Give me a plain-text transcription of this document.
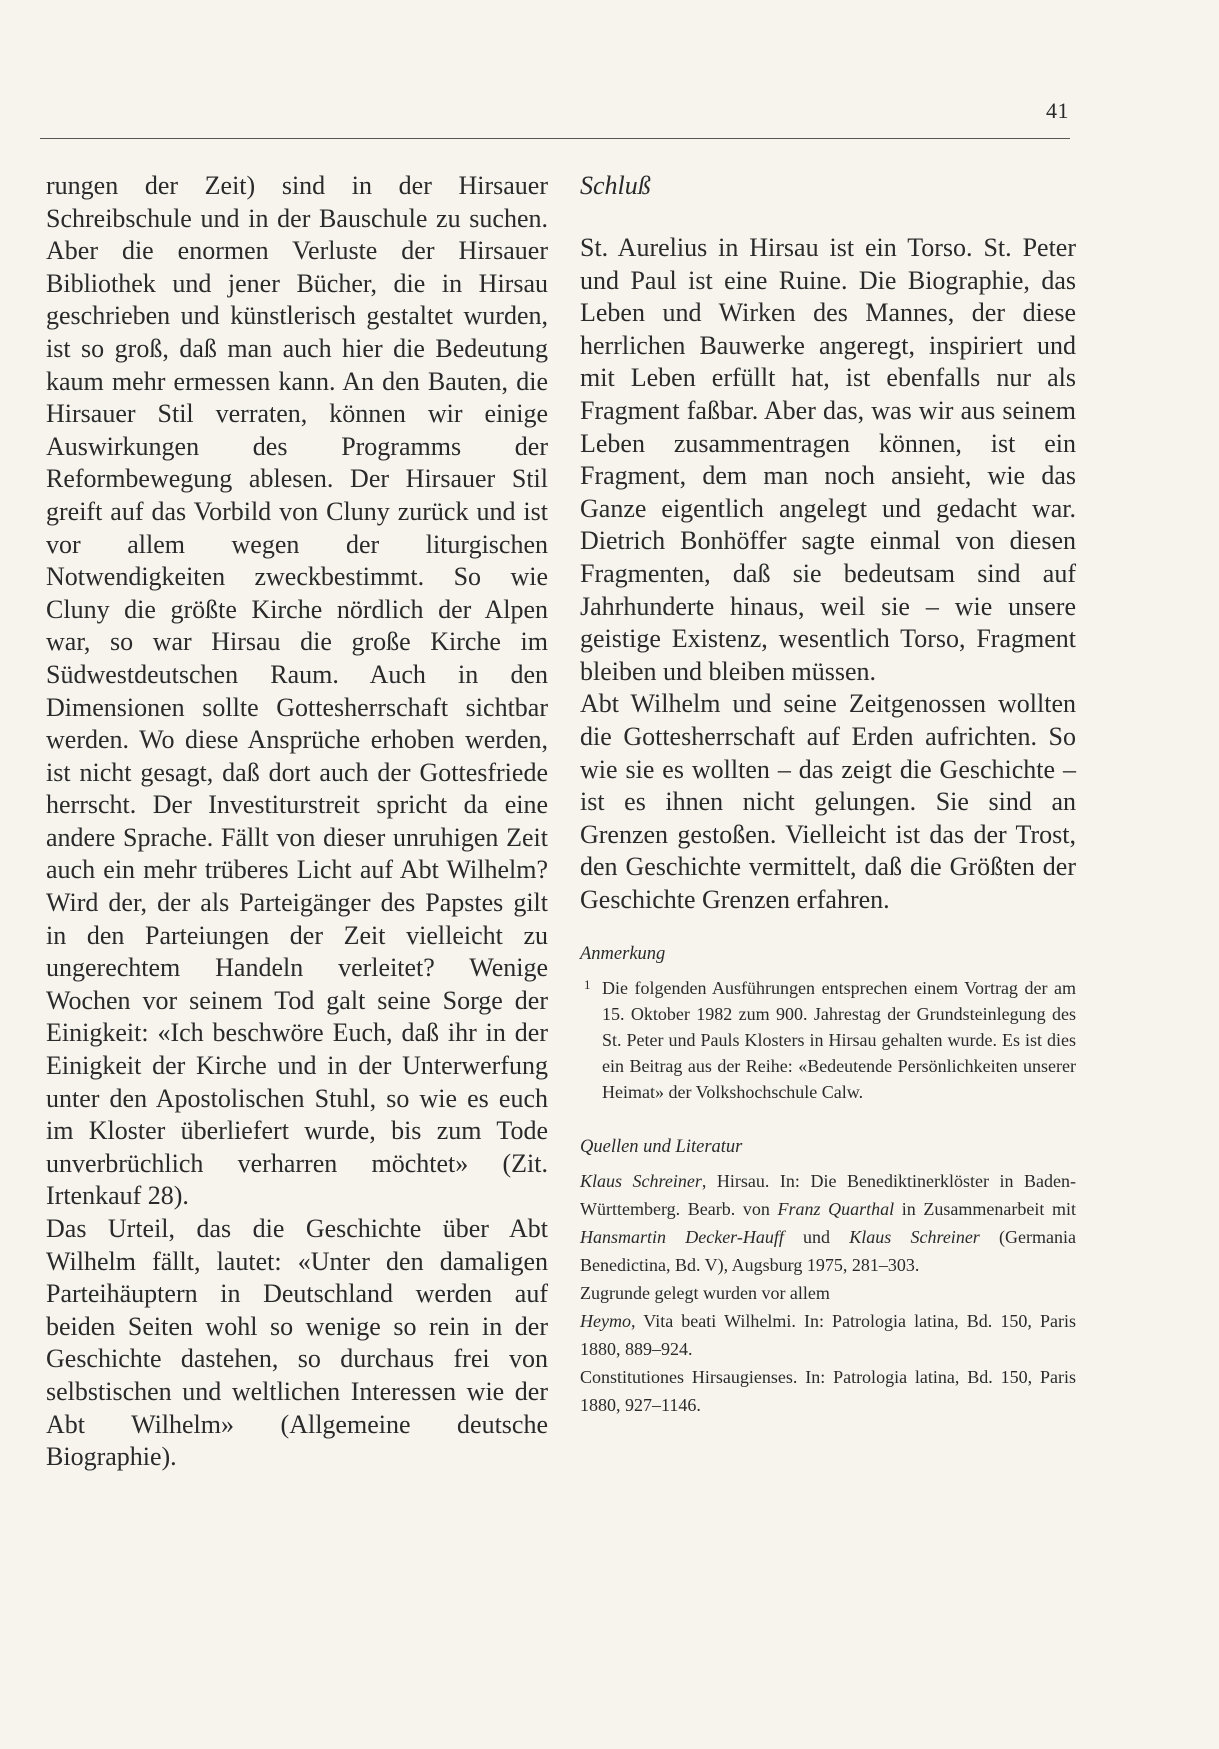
41

rungen der Zeit) sind in der Hirsauer Schreibschule und in der Bauschule zu suchen. Aber die enormen Verluste der Hirsauer Bibliothek und jener Bücher, die in Hirsau geschrieben und künstlerisch gestaltet wurden, ist so groß, daß man auch hier die Bedeutung kaum mehr ermessen kann. An den Bauten, die Hirsauer Stil verraten, können wir einige Auswirkungen des Programms der Reformbewegung ablesen. Der Hirsauer Stil greift auf das Vorbild von Cluny zurück und ist vor allem wegen der liturgischen Notwendigkeiten zweckbestimmt. So wie Cluny die größte Kirche nördlich der Alpen war, so war Hirsau die große Kirche im Südwestdeutschen Raum. Auch in den Dimensionen sollte Gottesherrschaft sichtbar werden. Wo diese Ansprüche erhoben werden, ist nicht gesagt, daß dort auch der Gottesfriede herrscht. Der Investiturstreit spricht da eine andere Sprache. Fällt von dieser unruhigen Zeit auch ein mehr trüberes Licht auf Abt Wilhelm? Wird der, der als Parteigänger des Papstes gilt in den Parteiungen der Zeit vielleicht zu ungerechtem Handeln verleitet? Wenige Wochen vor seinem Tod galt seine Sorge der Einigkeit: «Ich beschwöre Euch, daß ihr in der Einigkeit der Kirche und in der Unterwerfung unter den Apostolischen Stuhl, so wie es euch im Kloster überliefert wurde, bis zum Tode unverbrüchlich verharren möchtet» (Zit. Irtenkauf 28).

Das Urteil, das die Geschichte über Abt Wilhelm fällt, lautet: «Unter den damaligen Parteihäuptern in Deutschland werden auf beiden Seiten wohl so wenige so rein in der Geschichte dastehen, so durchaus frei von selbstischen und weltlichen Interessen wie der Abt Wilhelm» (Allgemeine deutsche Biographie).

Schluß

St. Aurelius in Hirsau ist ein Torso. St. Peter und Paul ist eine Ruine. Die Biographie, das Leben und Wirken des Mannes, der diese herrlichen Bauwerke angeregt, inspiriert und mit Leben erfüllt hat, ist ebenfalls nur als Fragment faßbar. Aber das, was wir aus seinem Leben zusammentragen können, ist ein Fragment, dem man noch ansieht, wie das Ganze eigentlich angelegt und gedacht war. Dietrich Bonhöffer sagte einmal von diesen Fragmenten, daß sie bedeutsam sind auf Jahrhunderte hinaus, weil sie – wie unsere geistige Existenz, wesentlich Torso, Fragment bleiben und bleiben müssen.

Abt Wilhelm und seine Zeitgenossen wollten die Gottesherrschaft auf Erden aufrichten. So wie sie es wollten – das zeigt die Geschichte – ist es ihnen nicht gelungen. Sie sind an Grenzen gestoßen. Vielleicht ist das der Trost, den Geschichte vermittelt, daß die Größten der Geschichte Grenzen erfahren.

Anmerkung

1 Die folgenden Ausführungen entsprechen einem Vortrag der am 15. Oktober 1982 zum 900. Jahrestag der Grundsteinlegung des St. Peter und Pauls Klosters in Hirsau gehalten wurde. Es ist dies ein Beitrag aus der Reihe: «Bedeutende Persönlichkeiten unserer Heimat» der Volkshochschule Calw.

Quellen und Literatur

Klaus Schreiner, Hirsau. In: Die Benediktinerklöster in Baden-Württemberg. Bearb. von Franz Quarthal in Zusammenarbeit mit Hansmartin Decker-Hauff und Klaus Schreiner (Germania Benedictina, Bd. V), Augsburg 1975, 281–303.

Zugrunde gelegt wurden vor allem

Heymo, Vita beati Wilhelmi. In: Patrologia latina, Bd. 150, Paris 1880, 889–924.

Constitutiones Hirsaugienses. In: Patrologia latina, Bd. 150, Paris 1880, 927–1146.
